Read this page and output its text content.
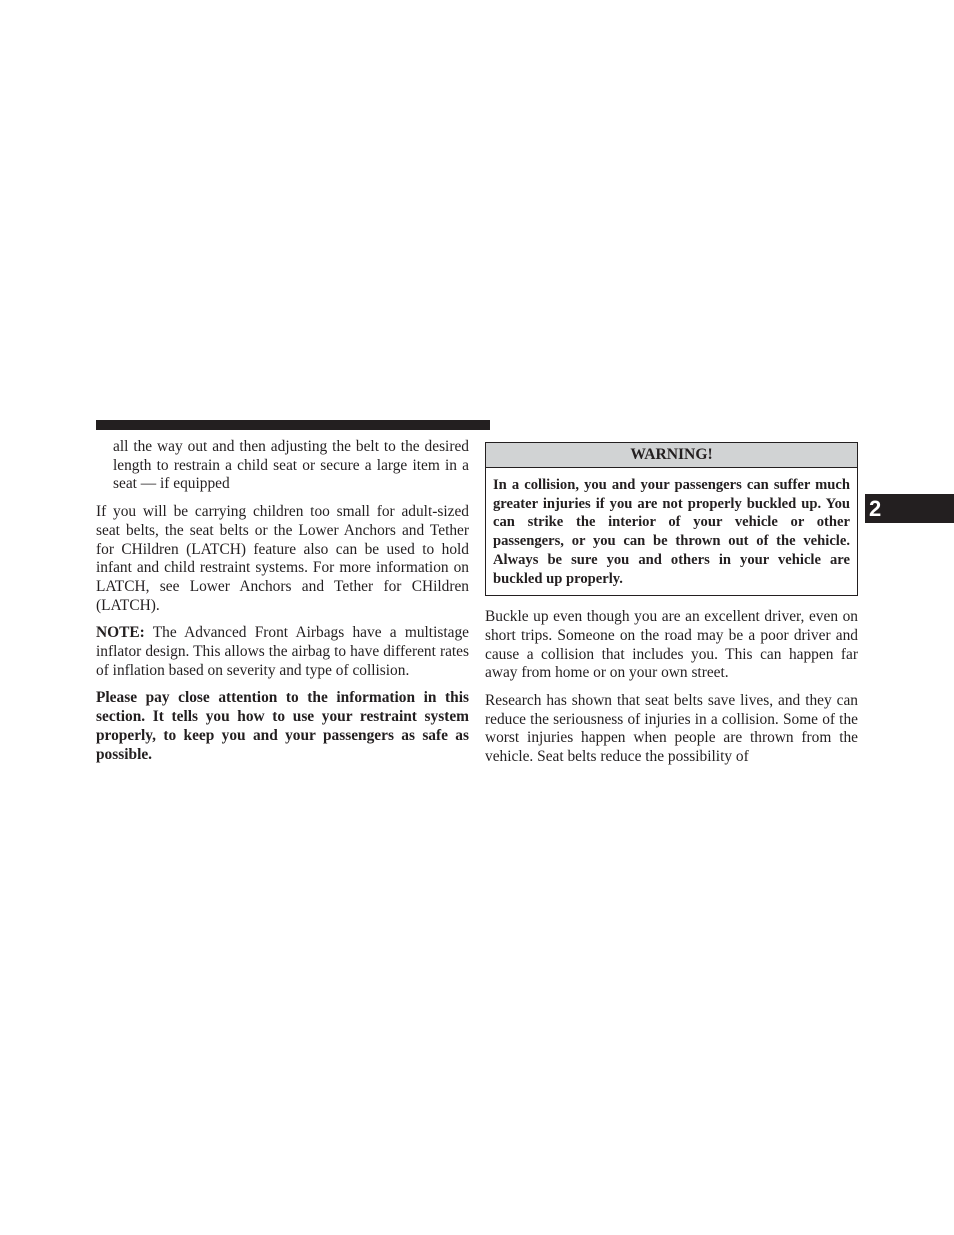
all the way out and then adjusting the belt to the desired length to restrain a child seat or secure a large item in a seat — if equipped

If you will be carrying children too small for adult-sized seat belts, the seat belts or the Lower Anchors and Tether for CHildren (LATCH) feature also can be used to hold infant and child restraint systems. For more information on LATCH, see Lower Anchors and Tether for CHildren (LATCH).

NOTE: The Advanced Front Airbags have a multistage inflator design. This allows the airbag to have different rates of inflation based on severity and type of collision.

Please pay close attention to the information in this section. It tells you how to use your restraint system properly, to keep you and your passengers as safe as possible.

WARNING!
In a collision, you and your passengers can suffer much greater injuries if you are not properly buckled up. You can strike the interior of your vehicle or other passengers, or you can be thrown out of the vehicle. Always be sure you and others in your vehicle are buckled up properly.

Buckle up even though you are an excellent driver, even on short trips. Someone on the road may be a poor driver and cause a collision that includes you. This can happen far away from home or on your own street.

Research has shown that seat belts save lives, and they can reduce the seriousness of injuries in a collision. Some of the worst injuries happen when people are thrown from the vehicle. Seat belts reduce the possibility of

2
